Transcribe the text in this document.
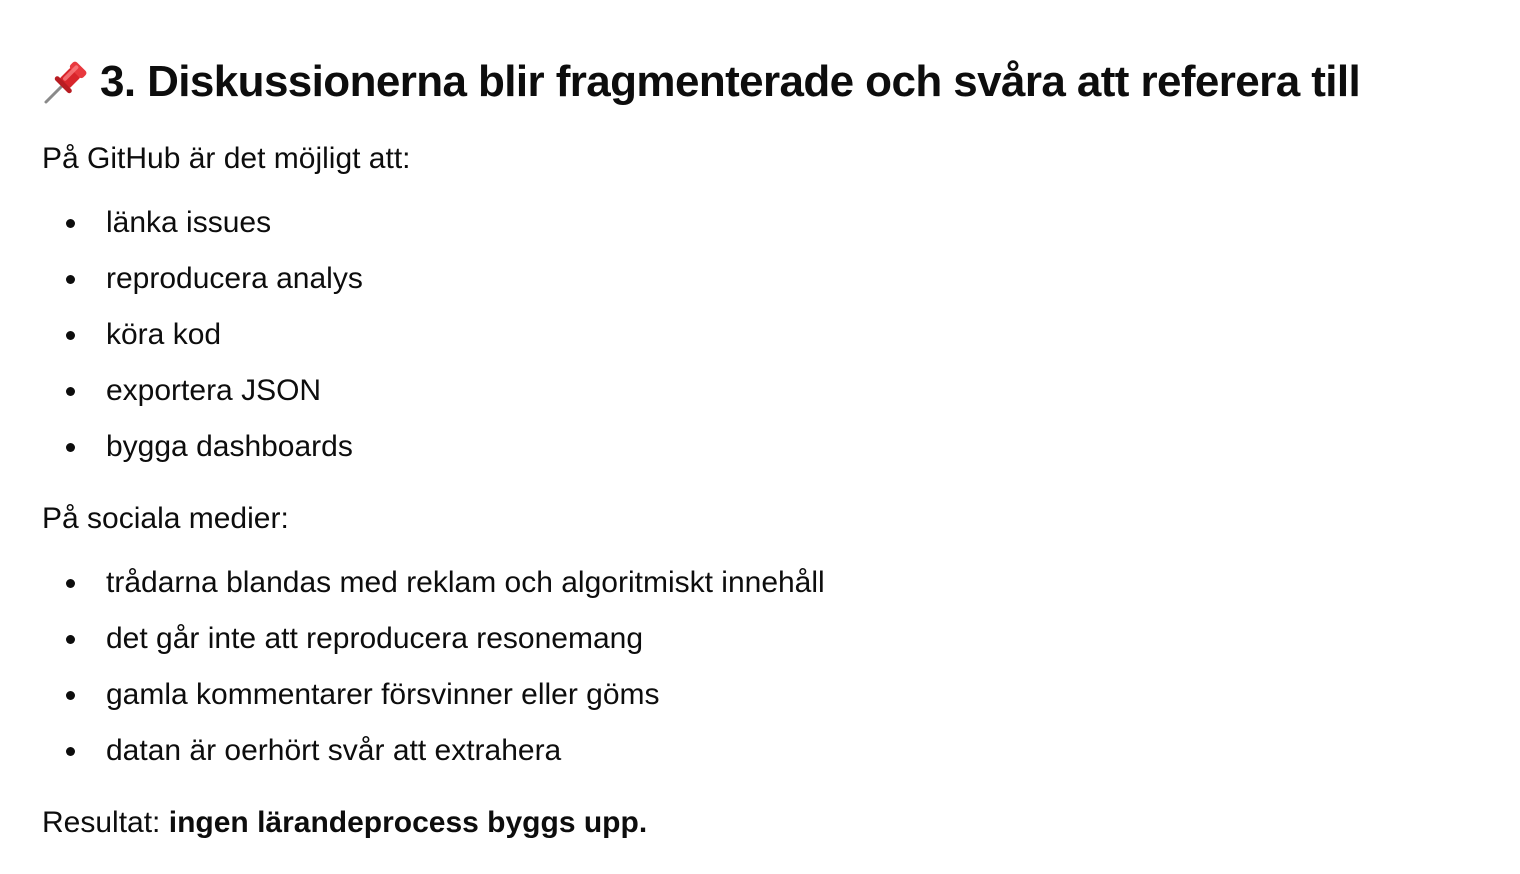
3. Diskussionerna blir fragmenterade och svåra att referera till

På GitHub är det möjligt att:

länka issues
reproducera analys
köra kod
exportera JSON
bygga dashboards

På sociala medier:

trådarna blandas med reklam och algoritmiskt innehåll
det går inte att reproducera resonemang
gamla kommentarer försvinner eller göms
datan är oerhört svår att extrahera

Resultat: ingen lärandeprocess byggs upp.
